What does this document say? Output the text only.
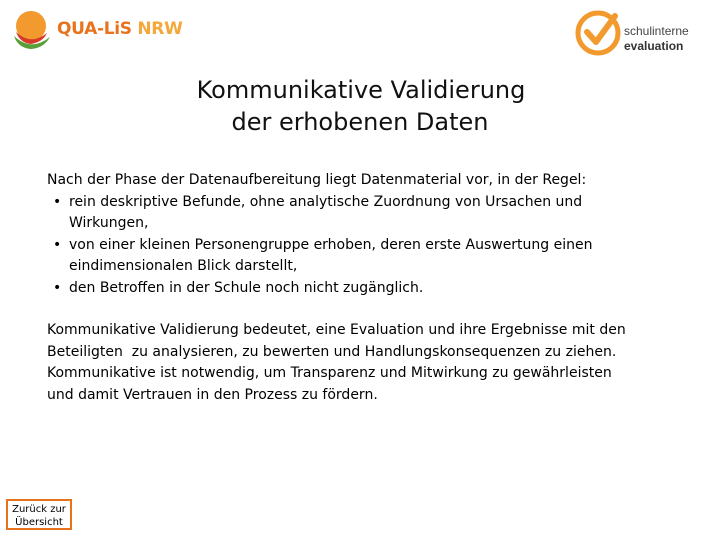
QUA-LiS NRW	schulinterne
evaluation
Kommunikative Validierung
der erhobenen Daten
Nach der Phase der Datenaufbereitung liegt Datenmaterial vor, in der Regel:
• rein deskriptive Befunde, ohne analytische Zuordnung von Ursachen und
Wirkungen,
• von einer kleinen Personengruppe erhoben, deren erste Auswertung einen
eindimensionalen Blick darstellt,
• den Betroffen in der Schule noch nicht zugänglich.
Kommunikative Validierung bedeutet, eine Evaluation und ihre Ergebnisse mit den
Beteiligten  zu analysieren, zu bewerten und Handlungskonsequenzen zu ziehen.
Kommunikative ist notwendig, um Transparenz und Mitwirkung zu gewährleisten
und damit Vertrauen in den Prozess zu fördern.
Zurück zur
Übersicht
